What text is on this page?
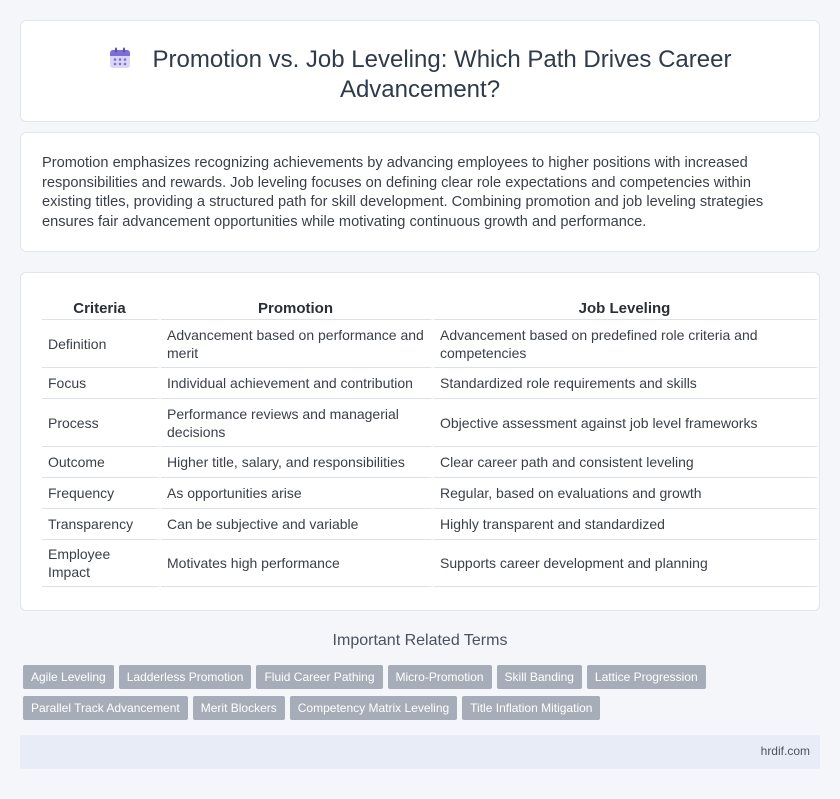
Promotion vs. Job Leveling: Which Path Drives Career Advancement?

Promotion emphasizes recognizing achievements by advancing employees to higher positions with increased responsibilities and rewards. Job leveling focuses on defining clear role expectations and competencies within existing titles, providing a structured path for skill development. Combining promotion and job leveling strategies ensures fair advancement opportunities while motivating continuous growth and performance.

Criteria	Promotion	Job Leveling
Definition	Advancement based on performance and merit	Advancement based on predefined role criteria and competencies
Focus	Individual achievement and contribution	Standardized role requirements and skills
Process	Performance reviews and managerial decisions	Objective assessment against job level frameworks
Outcome	Higher title, salary, and responsibilities	Clear career path and consistent leveling
Frequency	As opportunities arise	Regular, based on evaluations and growth
Transparency	Can be subjective and variable	Highly transparent and standardized
Employee Impact	Motivates high performance	Supports career development and planning
Important Related Terms
Agile Leveling Ladderless Promotion Fluid Career Pathing Micro-Promotion Skill Banding Lattice Progression
Parallel Track Advancement Merit Blockers Competency Matrix Leveling Title Inflation Mitigation
hrdif.com
